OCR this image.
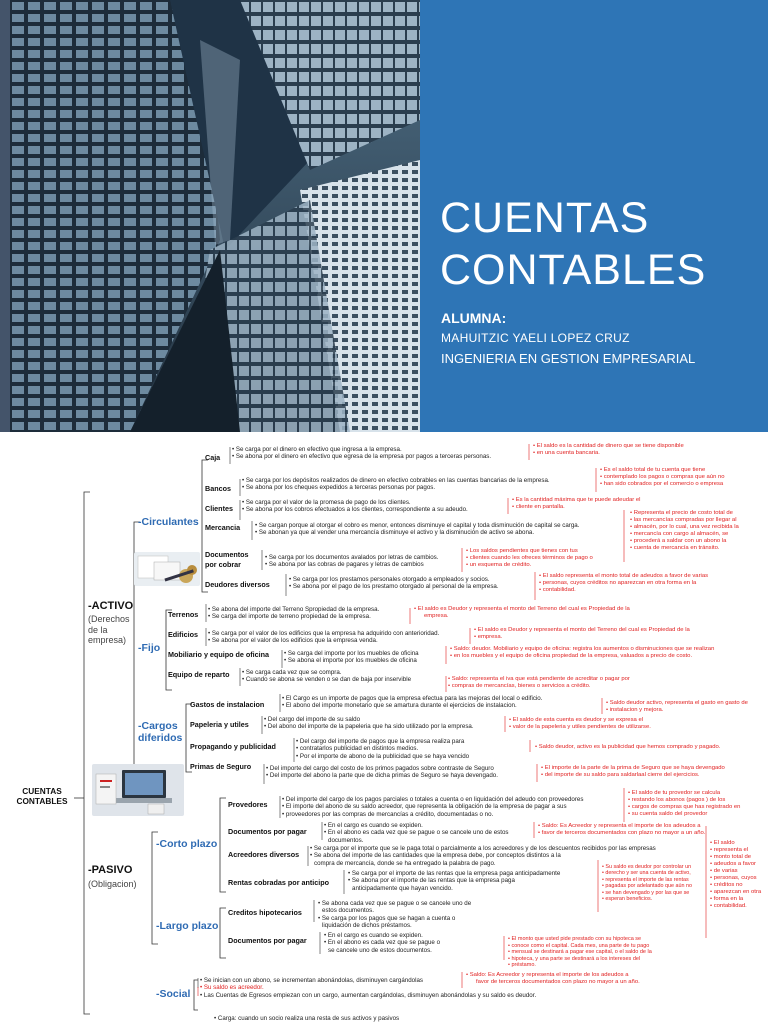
CUENTAS
CONTABLES
ALUMNA:
MAHUITZIC YAELI LOPEZ CRUZ
INGENIERIA EN GESTION EMPRESARIAL
CUENTAS CONTABLES
-ACTIVO
(Derechos
de la
empresa)
-Circulantes
-Fijo
-Cargos
diferidos
-PASIVO
(Obligacion)
-Corto plazo
-Largo plazo
-Social
Caja
• Se carga por el dinero en efectivo que ingresa a la empresa.
• Se abona por el dinero en efectivo que egresa de la empresa por pagos a terceras personas.
• El saldo es la cantidad de dinero que se tiene disponible
• en una cuenta bancaria.
Bancos
• Se carga por los depósitos realizados de dinero en efectivo cobrables en las cuentas bancarias de la empresa.
• Se abona por los cheques expedidos a terceras personas por pagos.
• Es el saldo total de tu cuenta que tiene
• contemplado los pagos o compras que aún no
• han sido cobrados por el comercio o empresa
Clientes
• Se carga por el valor de la promesa de pago de los clientes.
• Se abona por los cobros efectuados a los clientes, correspondiente a su adeudo.
• Es la cantidad máxima que te puede adeudar el
• cliente en pantalla.
Mercancia • Se cargan porque al otorgar el cobro es menor, entonces disminuye el capital y toda disminución de capital se carga.
• Se abonan ya que al vender una mercancía disminuye el activo y la disminución de activo se abona.
• Representa el precio de costo total de
• las mercancías compradas por llegar al
• almacén, por lo cual, una vez recibida la
• mercancía con cargo al almacén, se
• procederá a saldar con un abono la
• cuenta de mercancía en tránsito.
Documentos
por cobrar
• Se carga por los documentos avalados por letras de cambios.
• Se abona por las cobras de pagares y letras de cambios
• Los saldos pendientes que tienes con tus
• clientes cuando les ofreces términos de pago o
• un esquema de crédito.
Deudores diversos
• Se carga por los prestamos personales otorgado a empleados y socios.
• Se abona por el pago de los prestamo otorgado al personal de la empresa.
• El saldo representa el monto total de adeudos a favor de varias
• personas, cuyos créditos no aparezcan en otra forma en la
• contabilidad.
Terrenos
• Se abona del importe del Terreno Spropiedad de la empresa.
• Se carga del importe de terreno propiedad de la empresa.
• El saldo es Deudor y representa el monto del Terreno del cual es Propiedad de la
empresa.
Edificios • Se carga por el valor de los edificios que la empresa ha adquirido con anterioridad.
• Se abona por el valor de los edificios que la empresa venda.
• El saldo es Deudor y representa el monto del Terreno del cual es Propiedad de la
• empresa.
Mobiliario y equipo de oficina • Se carga del importe por los muebles de oficina
• Se abona el importe por los muebles de oficina
• Saldo: deudor. Mobiliario y equipo de oficina: registra los aumentos o disminuciones que se realizan
• en los muebles y el equipo de oficina propiedad de la empresa, valuados a precio de costo.
Equipo de reparto • Se carga cada vez que se compra.
• Cuando se abona se venden o se dan de baja por inservible	• Saldo: representa el iva que está pendiente de acreditar o pagar por
• compras de mercancías, bienes o servicios a crédito.
Gastos de instalacion
• El Cargo es un importe de pagos que la empresa efectua para las mejoras del local o edificio.
• El abono del importe monetario que se amartura durante el ejercicios de instalacion.	• Saldo deudor activo, representa el gasto en gasto de
• instalacion y mejora.
Papeleria y utiles
• Del cargo del importe de su saldo
• Del abono del importe de la papeleria que ha sido utilizado por la empresa.
• El saldo de esta cuenta es deudor y se expresa el
• valor de la papeleria y utiles pendientes de utilizarse.
Propagando y publicidad
• Del cargo del importe de pagos que la empresa realiza para
• contratarlos publicidad en distintos medios.
• Por el importe de abono de la publicidad que se haya vencido
• Saldo deudor, activo es la publicidad que hemos comprado y pagado.
Primas de Seguro • Del importe del cargo del costo de los primos pagados sobre contraste de Seguro
• Del importe del abono la parte que de dicha primas de Seguro se haya devengado.
• El importe de la parte de la prima de Seguro que se haya devengado
• del importe de su saldo para saldarlaal cierre del ejercicios.
Provedores
• Del importe del cargo de los pagos parciales o totales a cuenta o en liquidación del adeudo con proveedores
• El importe del abono de su saldo acreedor, que representa la obligación de la empresa de pagar a sus
• proveedores por las compras de mercancías a crédito, documentadas o no.
• El saldo de tu provedor se calcula
• restando los abonos (pagos ) de los
• cargos de compras que has registrado en
• su cuenta saldo del provedor
Documentos por pagar
• En el cargo es cuando se expiden.
• En el abono es cada vez que se pague o se cancele uno de estos
documentos.
• Saldo: Es Acreedor y representa el importe de los adeudos a
• favor de terceros documentados con plazo no mayor a un año.
Acreedores diversos
• Se carga por el importe que se le paga total o parcialmente a los acreedores y de los descuentos recibidos por las empresas
• Se abona del importe de las cantidades que la empresa debe, por conceptos distintos a la
compra de mercancía, donde se ha entregado la palabra de pago.
• El saldo
• representa el
• monto total de
• adeudos a favor
• de varias
• personas, cuyos
• créditos no
• aparezcan en otra
• forma en la
• contabilidad.
Rentas cobradas por anticipo
• Se carga por el importe de las rentas que la empresa paga anticipadamente
• Se abona por el importe de las rentas que la empresa paga
anticipadamente que hayan vencido.
• Su saldo es deudor por controlar un
• derecho y ser una cuenta de activo,
• representa el importe de las rentas
• pagadas por adelantado que aún no
• se han devengado y por las que se
• esperan beneficios.
Creditos hipotecarios
• Se abona cada vez que se pague o se cancele uno de
estos documentos.
• Se carga por los pagos que se hagan a cuenta o
liquidación de dichos préstamos.
• El monto que usted pide prestado con su hipoteca se
• conoce como el capital. Cada mes, una parte de tu pago
• mensual se destinará a pagar ese capital, o el saldo de la
• hipoteca, y una parte se destinará a los intereses del
• préstamo.
Documentos por pagar
• En el cargo es cuando se expiden.
• En el abono es cada vez que se pague o
se cancele uno de estos documentos.
• Saldo: Es Acreedor y representa el importe de los adeudos a
favor de terceros documentados con plazo no mayor a un año.
• Se inician con un abono, se incrementan abonándolas, disminuyen cargándolas
• Su saldo es acreedor.
• Las Cuentas de Egresos empiezan con un cargo, aumentan cargándolas, disminuyen abonándolas y su saldo es deudor.
• Carga: cuando un socio realiza una resta de sus activos y pasivos
